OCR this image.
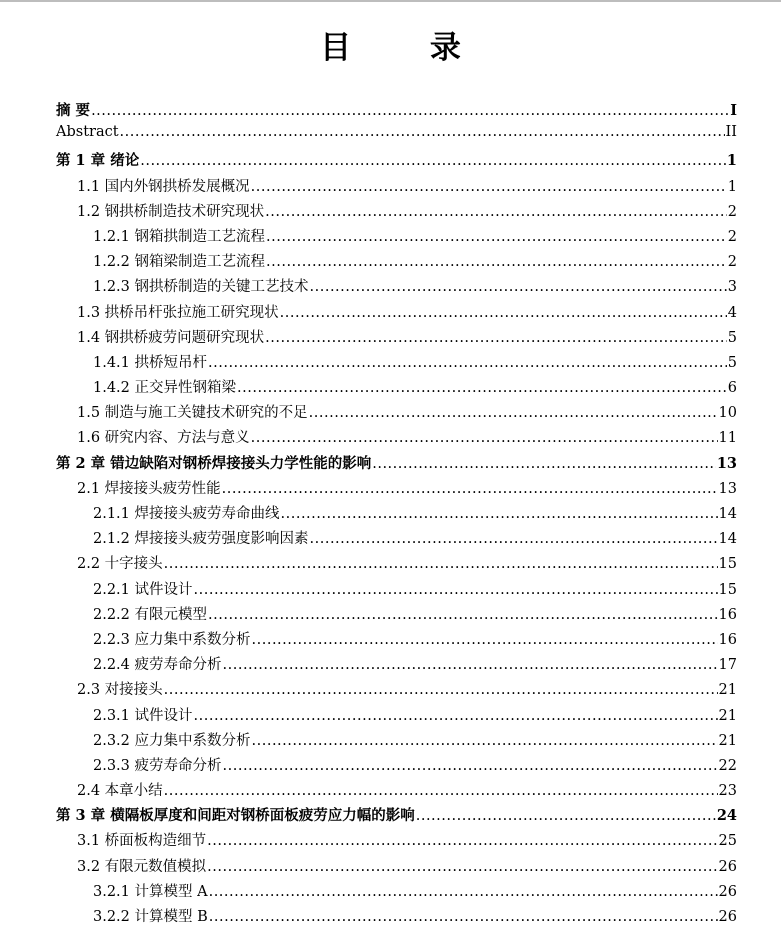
目 录
摘 要 .....	I
Abstract .....	II
第 1 章 绪论 .....	1
1.1 国内外钢拱桥发展概况 .....	1
1.2 钢拱桥制造技术研究现状 .....	2
1.2.1 钢箱拱制造工艺流程 .....	2
1.2.2 钢箱梁制造工艺流程 .....	2
1.2.3 钢拱桥制造的关键工艺技术 .....	3
1.3 拱桥吊杆张拉施工研究现状 .....	4
1.4 钢拱桥疲劳问题研究现状 .....	5
1.4.1 拱桥短吊杆 .....	5
1.4.2 正交异性钢箱梁 .....	6
1.5 制造与施工关键技术研究的不足 .....	10
1.6 研究内容、方法与意义 .....	11
第 2 章 错边缺陷对钢桥焊接接头力学性能的影响 .....	13
2.1 焊接接头疲劳性能 .....	13
2.1.1 焊接接头疲劳寿命曲线 .....	14
2.1.2 焊接接头疲劳强度影响因素 .....	14
2.2 十字接头 .....	15
2.2.1 试件设计 .....	15
2.2.2 有限元模型 .....	16
2.2.3 应力集中系数分析 .....	16
2.2.4 疲劳寿命分析 .....	17
2.3 对接接头 .....	21
2.3.1 试件设计 .....	21
2.3.2 应力集中系数分析 .....	21
2.3.3 疲劳寿命分析 .....	22
2.4 本章小结 .....	23
第 3 章 横隔板厚度和间距对钢桥面板疲劳应力幅的影响 .....	24
3.1 桥面板构造细节 .....	25
3.2 有限元数值模拟 .....	26
3.2.1 计算模型 A .....	26
3.2.2 计算模型 B .....	26
